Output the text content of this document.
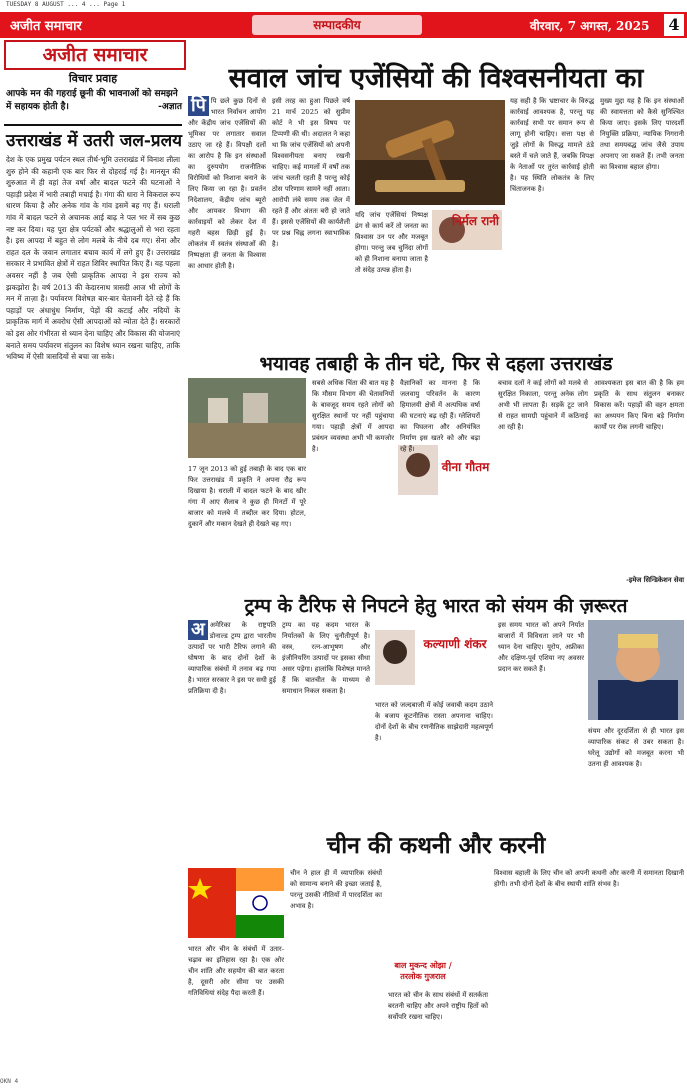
TUESDAY 8 AUGUST ... 4 ... Page 1
अजीत समाचार	सम्पादकीय	वीरवार, 7 अगस्त, 2025 4
अजीत समाचार
विचार प्रवाह
आपके मन की गहराई छूनी की भावनाओं को समझने में सहायक होती है।	-अज्ञात
उत्तराखंड में उतरी जल-प्रलय
देश के एक प्रमुख पर्यटन स्थल तीर्थ-भूमि उत्तराखंड में विनाश लीला शुरु होने की कहानी एक बार फिर से दोहराई गई है। मानसून की शुरुआत में ही वहां तेज वर्षा और बादल फटने की घटनाओं ने पहाड़ी प्रदेश में भारी तबाही मचाई है। गंगा की धारा ने विकराल रूप धारण किया है और अनेक गांव के गांव इसमें बह गए हैं। धराली गांव में बादल फटने से अचानक आई बाढ़ ने पल भर में सब कुछ नष्ट कर दिया। यह पूरा क्षेत्र पर्यटकों और श्रद्धालुओं से भरा रहता है। इस आपदा में बहुत से लोग मलबे के नीचे दब गए। सेना और राहत दल के जवान लगातार बचाव कार्य में लगे हुए हैं। उत्तराखंड सरकार ने प्रभावित क्षेत्रों में राहत शिविर स्थापित किए हैं। यह पहला अवसर नहीं है जब ऐसी प्राकृतिक आपदा ने इस राज्य को झकझोरा है। वर्ष 2013 की केदारनाथ त्रासदी आज भी लोगों के मन में ताज़ा है। पर्यावरण विशेषज्ञ बार-बार चेतावनी देते रहे हैं कि पहाड़ों पर अंधाधुंध निर्माण, पेड़ों की कटाई और नदियों के प्राकृतिक मार्ग में अवरोध ऐसी आपदाओं को न्योता देते हैं। सरकारों को इस ओर गंभीरता से ध्यान देना चाहिए और विकास की योजनाएं बनाते समय पर्यावरण संतुलन का विशेष ध्यान रखना चाहिए, ताकि भविष्य में ऐसी त्रासदियों से बचा जा सके।
सवाल जांच एजेंसियों की विश्वसनीयता का
पि पि छले कुछ दिनों से भारत निर्वाचन आयोग और केंद्रीय जांच एजेंसियों की भूमिका पर लगातार सवाल उठाए जा रहे हैं। विपक्षी दलों का आरोप है कि इन संस्थाओं का दुरुपयोग राजनीतिक विरोधियों को निशाना बनाने के लिए किया जा रहा है। प्रवर्तन निदेशालय, केंद्रीय जांच ब्यूरो और आयकर विभाग की कार्रवाइयों को लेकर देश में गहरी बहस छिड़ी हुई है। लोकतंत्र में स्वतंत्र संस्थाओं की निष्पक्षता ही जनता के विश्वास का आधार होती है।
इसी तरह का हुआ पिछले वर्ष 21 मार्च 2025 को सुप्रीम कोर्ट ने भी इस विषय पर टिप्पणी की थी। अदालत ने कहा था कि जांच एजेंसियों को अपनी विश्वसनीयता बनाए रखनी चाहिए। कई मामलों में वर्षों तक जांच चलती रहती है परन्तु कोई ठोस परिणाम सामने नहीं आता। आरोपी लंबे समय तक जेल में रहते हैं और अंततः बरी हो जाते हैं। इससे एजेंसियों की कार्यशैली पर प्रश्न चिह्न लगना स्वाभाविक है।
यदि जांच एजेंसियां निष्पक्ष ढंग से कार्य करें तो जनता का विश्वास उन पर और मजबूत होगा। परन्तु जब चुनिंदा लोगों को ही निशाना बनाया जाता है तो संदेह उत्पन्न होता है।
निर्मल रानी
यह सही है कि भ्रष्टाचार के विरुद्ध कार्रवाई आवश्यक है, परन्तु यह कार्रवाई सभी पर समान रूप से लागू होनी चाहिए। सत्ता पक्ष से जुड़े लोगों के विरुद्ध मामले ठंडे बस्ते में चले जाते हैं, जबकि विपक्ष के नेताओं पर तुरंत कार्रवाई होती है। यह स्थिति लोकतंत्र के लिए चिंताजनक है।
मुख्य मुद्दा यह है कि इन संस्थाओं की स्वायत्तता को कैसे सुनिश्चित किया जाए। इसके लिए पारदर्शी नियुक्ति प्रक्रिया, न्यायिक निगरानी तथा समयबद्ध जांच जैसे उपाय अपनाए जा सकते हैं। तभी जनता का विश्वास बहाल होगा।
भयावह तबाही के तीन घंटे, फिर से दहला उत्तराखंड
17 जून 2013 को हुई तबाही के बाद एक बार फिर उत्तराखंड में प्रकृति ने अपना रौद्र रूप दिखाया है। धराली में बादल फटने के बाद खीर गंगा में आए सैलाब ने कुछ ही मिनटों में पूरे बाजार को मलबे में तब्दील कर दिया। होटल, दुकानें और मकान देखते ही देखते बह गए।
सबसे अधिक चिंता की बात यह है कि मौसम विभाग की चेतावनियों के बावजूद समय रहते लोगों को सुरक्षित स्थानों पर नहीं पहुंचाया गया। पहाड़ी क्षेत्रों में आपदा प्रबंधन व्यवस्था अभी भी कमजोर है।
वीना गौतम
वैज्ञानिकों का मानना है कि जलवायु परिवर्तन के कारण हिमालयी क्षेत्रों में अत्यधिक वर्षा की घटनाएं बढ़ रही हैं। ग्लेशियरों का पिघलना और अनियंत्रित निर्माण इस खतरे को और बढ़ा रहे हैं।
बचाव दलों ने कई लोगों को मलबे से सुरक्षित निकाला, परन्तु अनेक लोग अभी भी लापता हैं। सड़कें टूट जाने से राहत सामग्री पहुंचाने में कठिनाई आ रही है।
आवश्यकता इस बात की है कि हम प्रकृति के साथ संतुलन बनाकर विकास करें। पहाड़ों की वहन क्षमता का अध्ययन किए बिना बड़े निर्माण कार्यों पर रोक लगनी चाहिए।
-इमेज सिन्डिकेशन सेवा
ट्रम्प के टैरिफ से निपटने हेतु भारत को संयम की ज़रूरत
अ अमेरिका के राष्ट्रपति डोनाल्ड ट्रम्प द्वारा भारतीय उत्पादों पर भारी टैरिफ लगाने की घोषणा के बाद दोनों देशों के व्यापारिक संबंधों में तनाव बढ़ गया है। भारत सरकार ने इस पर सधी हुई प्रतिक्रिया दी है।
ट्रम्प का यह कदम भारत के निर्यातकों के लिए चुनौतीपूर्ण है। वस्त्र, रत्न-आभूषण और इंजीनियरिंग उत्पादों पर इसका सीधा असर पड़ेगा। हालांकि विशेषज्ञ मानते हैं कि बातचीत के माध्यम से समाधान निकल सकता है।
कल्याणी शंकर
भारत को जल्दबाजी में कोई जवाबी कदम उठाने के बजाय कूटनीतिक रास्ता अपनाना चाहिए। दोनों देशों के बीच रणनीतिक साझेदारी महत्वपूर्ण है।
इस समय भारत को अपने निर्यात बाजारों में विविधता लाने पर भी ध्यान देना चाहिए। यूरोप, अफ्रीका और दक्षिण-पूर्व एशिया नए अवसर प्रदान कर सकते हैं।
संयम और दूरदर्शिता से ही भारत इस व्यापारिक संकट से उबर सकता है। घरेलू उद्योगों को मजबूत करना भी उतना ही आवश्यक है।
चीन की कथनी और करनी
भारत और चीन के संबंधों में उतार-चढ़ाव का इतिहास रहा है। एक ओर चीन शांति और सहयोग की बात करता है, दूसरी ओर सीमा पर उसकी गतिविधियां संदेह पैदा करती हैं।
चीन ने हाल ही में व्यापारिक संबंधों को सामान्य बनाने की इच्छा जताई है, परन्तु उसकी नीतियों में पारदर्शिता का अभाव है।
बाल मुकन्द ओझा / तरलोक गुजराल
भारत को चीन के साथ संबंधों में सतर्कता बरतनी चाहिए और अपने राष्ट्रीय हितों को सर्वोपरि रखना चाहिए।
विश्वास बहाली के लिए चीन को अपनी कथनी और करनी में समानता दिखानी होगी। तभी दोनों देशों के बीच स्थायी शांति संभव है।
OKN 4
